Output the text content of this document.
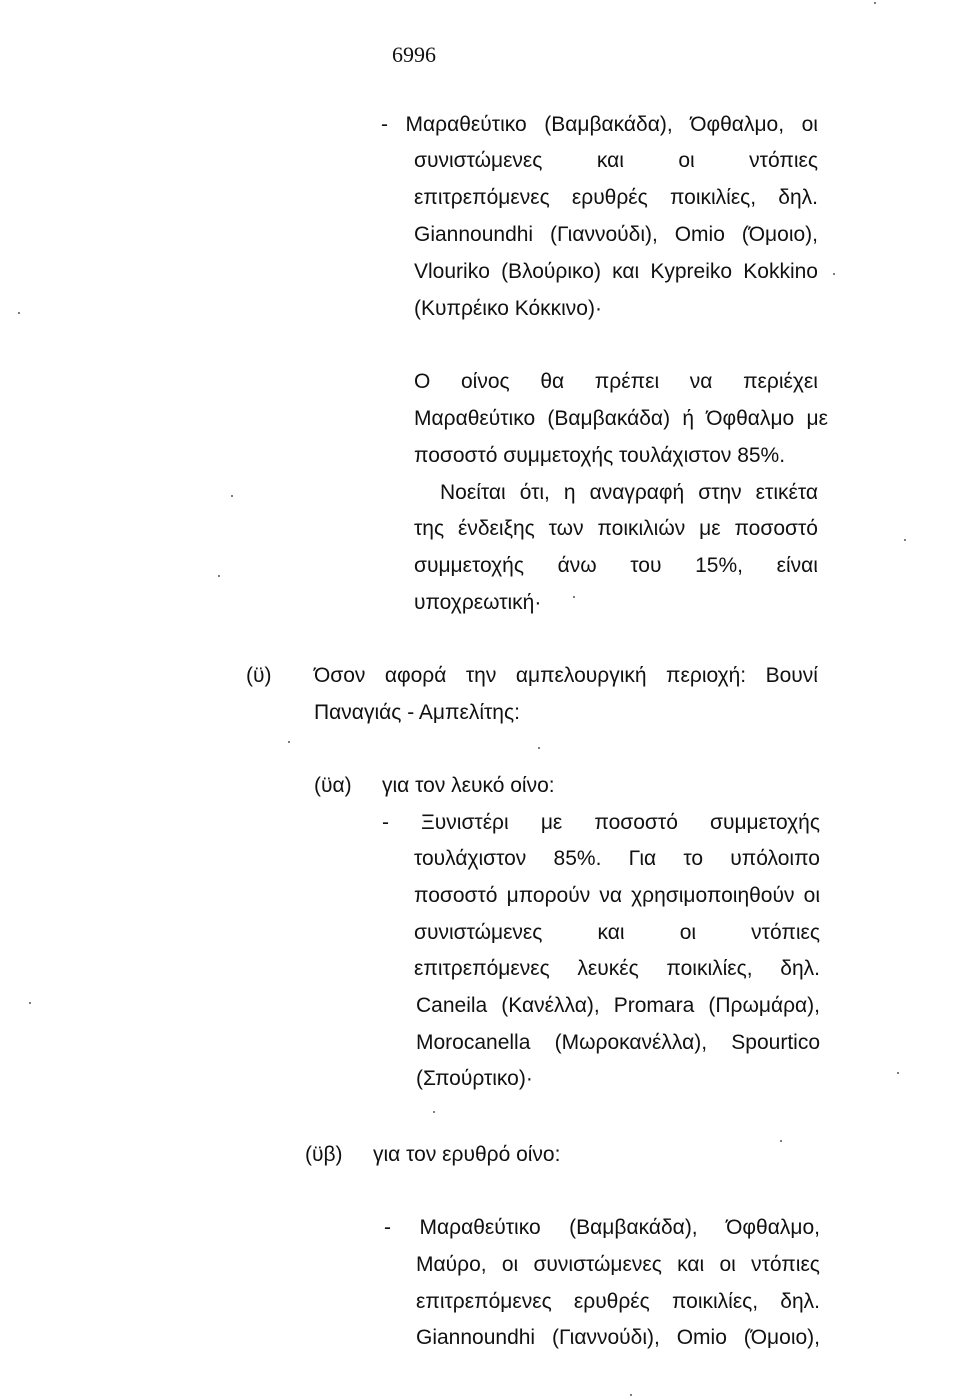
6996
- Μαραθεύτικο (Βαμβακάδα), Όφθαλμο, οι
συνιστώμενες	και	οι	ντόπιες
επιτρεπόμενες ερυθρές ποικιλίες, δηλ.
Giannoundhi (Γιαννούδι), Omio (Όμοιο),
Vlouriko (Βλούρικο) και Kypreiko Kokkino
(Κυπρέικο Κόκκινο)·
Ο οίνος θα πρέπει να περιέχει
Μαραθεύτικο (Βαμβακάδα) ή Όφθαλμο με
ποσοστό συμμετοχής τουλάχιστον 85%.
Νοείται ότι, η αναγραφή στην ετικέτα
της ένδειξης των ποικιλιών με ποσοστό
συμμετοχής άνω του 15%, είναι
υποχρεωτική·
(ϋ) Όσον αφορά την αμπελουργική περιοχή: Βουνί
Παναγιάς - Αμπελίτης:
(ϋα) για τον λευκό οίνο:
- Ξυνιστέρι με ποσοστό συμμετοχής
τουλάχιστον 85%. Για το υπόλοιπο
ποσοστό μπορούν να χρησιμοποιηθούν οι
συνιστώμενες	και	οι	ντόπιες
επιτρεπόμενες λευκές ποικιλίες, δηλ.
Caneila (Κανέλλα), Promara (Πρωμάρα),
Morocanella (Μωροκανέλλα), Spourtico
(Σπούρτικο)·
(ϋβ) για τον ερυθρό οίνο:
- Μαραθεύτικο (Βαμβακάδα), Όφθαλμο,
Μαύρο, οι συνιστώμενες και οι ντόπιες
επιτρεπόμενες ερυθρές ποικιλίες, δηλ.
Giannoundhi (Γιαννούδι), Omio (Όμοιο),
